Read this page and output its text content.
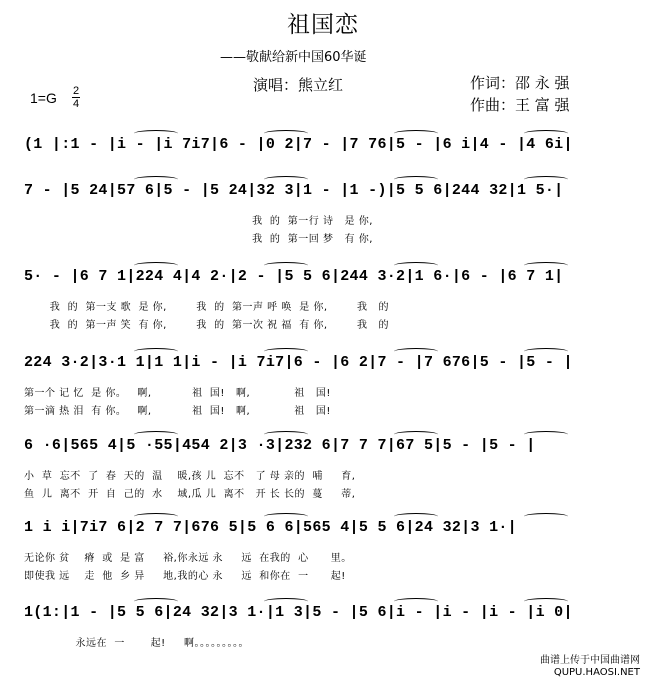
祖国恋
——敬献给新中国60华诞
演唱：熊立红	作词：邵 永 强
作曲：王 富 强
1=G 2
4
(1 |:1 - |i - |i 7i7|6 - |0 2|7 - |7 76|5 - |6 i|4 - |4 6i|
7 - |5 24|57 6|5 - |5 24|32 3|1 - |1 -)|5 5 6|244 32|1 5·|
我  的  第一行 诗   是 你,
我  的  第一回 梦   有 你,
5· - |6 7 1|224 4|4 2·|2 - |5 5 6|244 3·2|1 6·|6 - |6 7 1|
我  的  第一支 歌  是 你,        我  的  第一声 呼 唤  是 你,        我   的
我  的  第一声 笑  有 你,        我  的  第一次 祝 福  有 你,        我   的
224 3·2|3·1 1|1 1|i - |i 7i7|6 - |6 2|7 - |7 676|5 - |5 - |
第一个 记 忆  是 你。   啊,           祖  国!   啊,            祖   国!
第一滴 热 泪  有 你。   啊,           祖  国!   啊,            祖   国!
6 ·6|565 4|5 ·55|454 2|3 ·3|232 6|7 7 7|67 5|5 - |5 - |
小  草  忘不  了  春  天的  温    暖,孩 儿  忘不   了 母 亲的  哺     育,
鱼  儿  离不  开  自  己的  水    域,瓜 儿  离不   开 长 长的  蔓     蒂,
1 i i|7i7 6|2 7 7|676 5|5 6 6|565 4|5 5 6|24 32|3 1·|
无论你 贫    瘠  或  是 富     裕,你永远 永     远  在我的  心      里。
即使我 远    走  他  乡 异     地,我的心 永     远  和你在  一      起!
1(1:|1 - |5 5 6|24 32|3 1·|1 3|5 - |5 6|i - |i - |i - |i 0|
永远在  一       起!     啊。。。。。。。。。
曲谱上传于中国曲谱网
QUPU.HAOSI.NET
